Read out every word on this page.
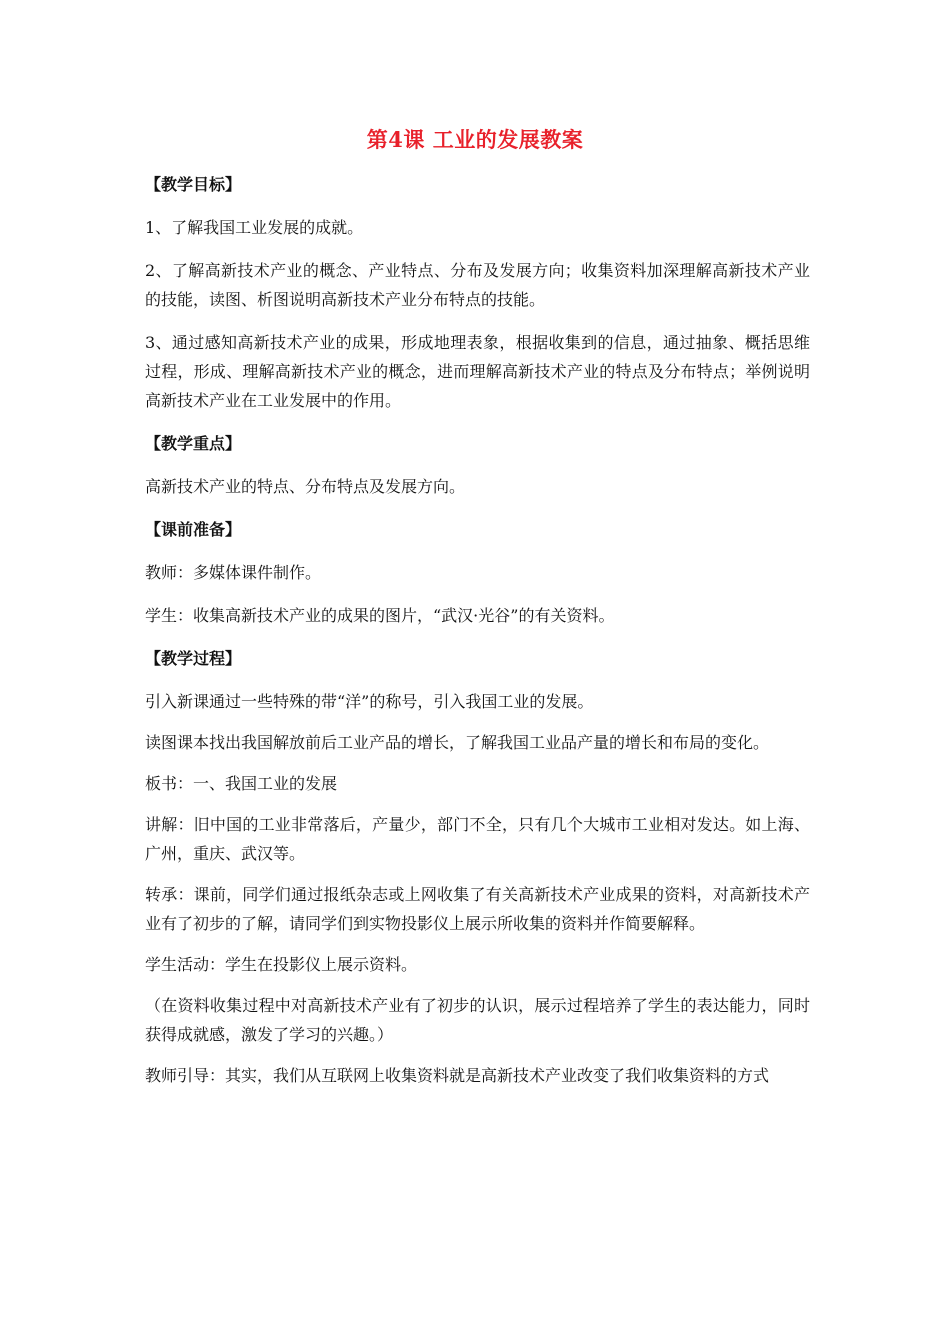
第4课 工业的发展教案

【教学目标】

1、了解我国工业发展的成就。

2、了解高新技术产业的概念、产业特点、分布及发展方向；收集资料加深理解高新技术产业的技能，读图、析图说明高新技术产业分布特点的技能。

3、通过感知高新技术产业的成果，形成地理表象，根据收集到的信息，通过抽象、概括思维过程，形成、理解高新技术产业的概念，进而理解高新技术产业的特点及分布特点；举例说明高新技术产业在工业发展中的作用。

【教学重点】

高新技术产业的特点、分布特点及发展方向。

【课前准备】

教师：多媒体课件制作。

学生：收集高新技术产业的成果的图片，“武汉·光谷”的有关资料。

【教学过程】

引入新课通过一些特殊的带“洋”的称号，引入我国工业的发展。

读图课本找出我国解放前后工业产品的增长，了解我国工业品产量的增长和布局的变化。

板书：一、我国工业的发展

讲解：旧中国的工业非常落后，产量少，部门不全，只有几个大城市工业相对发达。如上海、广州，重庆、武汉等。

转承：课前，同学们通过报纸杂志或上网收集了有关高新技术产业成果的资料，对高新技术产业有了初步的了解，请同学们到实物投影仪上展示所收集的资料并作简要解释。

学生活动：学生在投影仪上展示资料。

（在资料收集过程中对高新技术产业有了初步的认识，展示过程培养了学生的表达能力，同时获得成就感，激发了学习的兴趣。）

教师引导：其实，我们从互联网上收集资料就是高新技术产业改变了我们收集资料的方式
